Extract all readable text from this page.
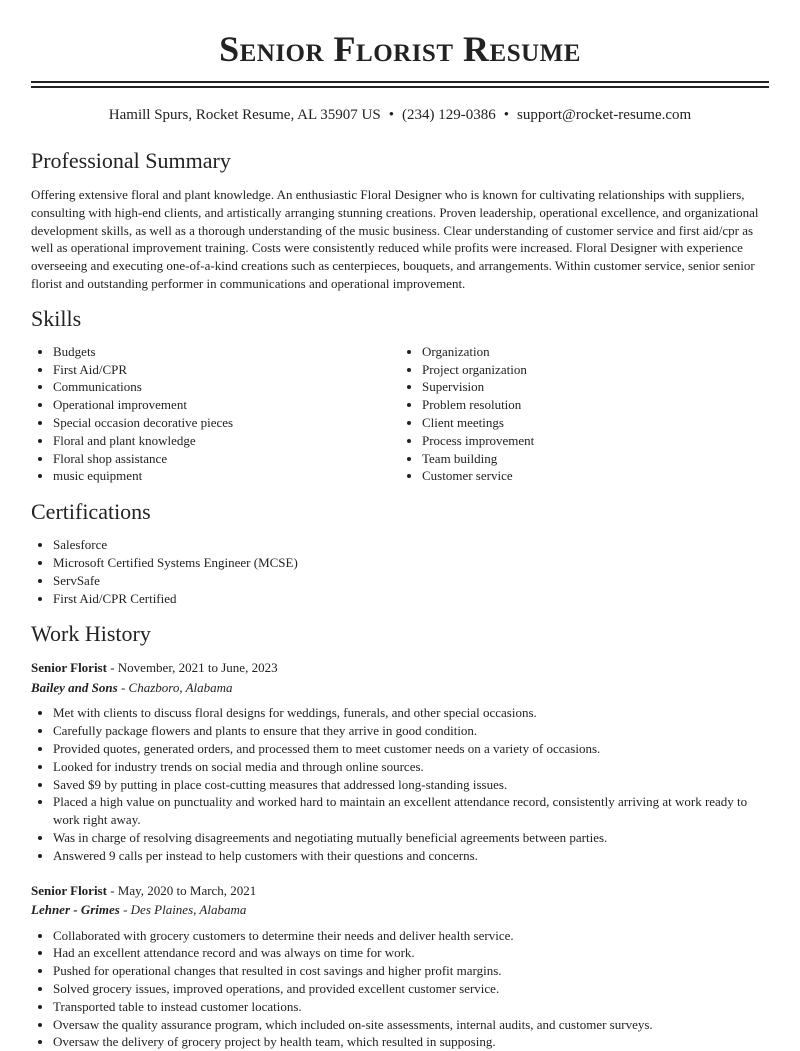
Senior Florist Resume
Hamill Spurs, Rocket Resume, AL 35907 US • (234) 129-0386 • support@rocket-resume.com
Professional Summary

Offering extensive floral and plant knowledge. An enthusiastic Floral Designer who is known for cultivating relationships with suppliers, consulting with high-end clients, and artistically arranging stunning creations. Proven leadership, operational excellence, and organizational development skills, as well as a thorough understanding of the music business. Clear understanding of customer service and first aid/cpr as well as operational improvement training. Costs were consistently reduced while profits were increased. Floral Designer with experience overseeing and executing one-of-a-kind creations such as centerpieces, bouquets, and arrangements. Within customer service, senior senior florist and outstanding performer in communications and operational improvement.

Skills
• Budgets
• First Aid/CPR
• Communications
• Operational improvement
• Special occasion decorative pieces
• Floral and plant knowledge
• Floral shop assistance
• music equipment
• Organization
• Project organization
• Supervision
• Problem resolution
• Client meetings
• Process improvement
• Team building
• Customer service
Certifications
• Salesforce
• Microsoft Certified Systems Engineer (MCSE)
• ServSafe
• First Aid/CPR Certified
Work History
Senior Florist - November, 2021 to June, 2023
Bailey and Sons - Chazboro, Alabama
• Met with clients to discuss floral designs for weddings, funerals, and other special occasions.
• Carefully package flowers and plants to ensure that they arrive in good condition.
• Provided quotes, generated orders, and processed them to meet customer needs on a variety of occasions.
• Looked for industry trends on social media and through online sources.
• Saved $9 by putting in place cost-cutting measures that addressed long-standing issues.
• Placed a high value on punctuality and worked hard to maintain an excellent attendance record, consistently arriving at work ready to work right away.
• Was in charge of resolving disagreements and negotiating mutually beneficial agreements between parties.
• Answered 9 calls per instead to help customers with their questions and concerns.
Senior Florist - May, 2020 to March, 2021
Lehner - Grimes - Des Plaines, Alabama
• Collaborated with grocery customers to determine their needs and deliver health service.
• Had an excellent attendance record and was always on time for work.
• Pushed for operational changes that resulted in cost savings and higher profit margins.
• Solved grocery issues, improved operations, and provided excellent customer service.
• Transported table to instead customer locations.
• Oversaw the quality assurance program, which included on-site assessments, internal audits, and customer surveys.
• Oversaw the delivery of grocery project by health team, which resulted in supposing.
